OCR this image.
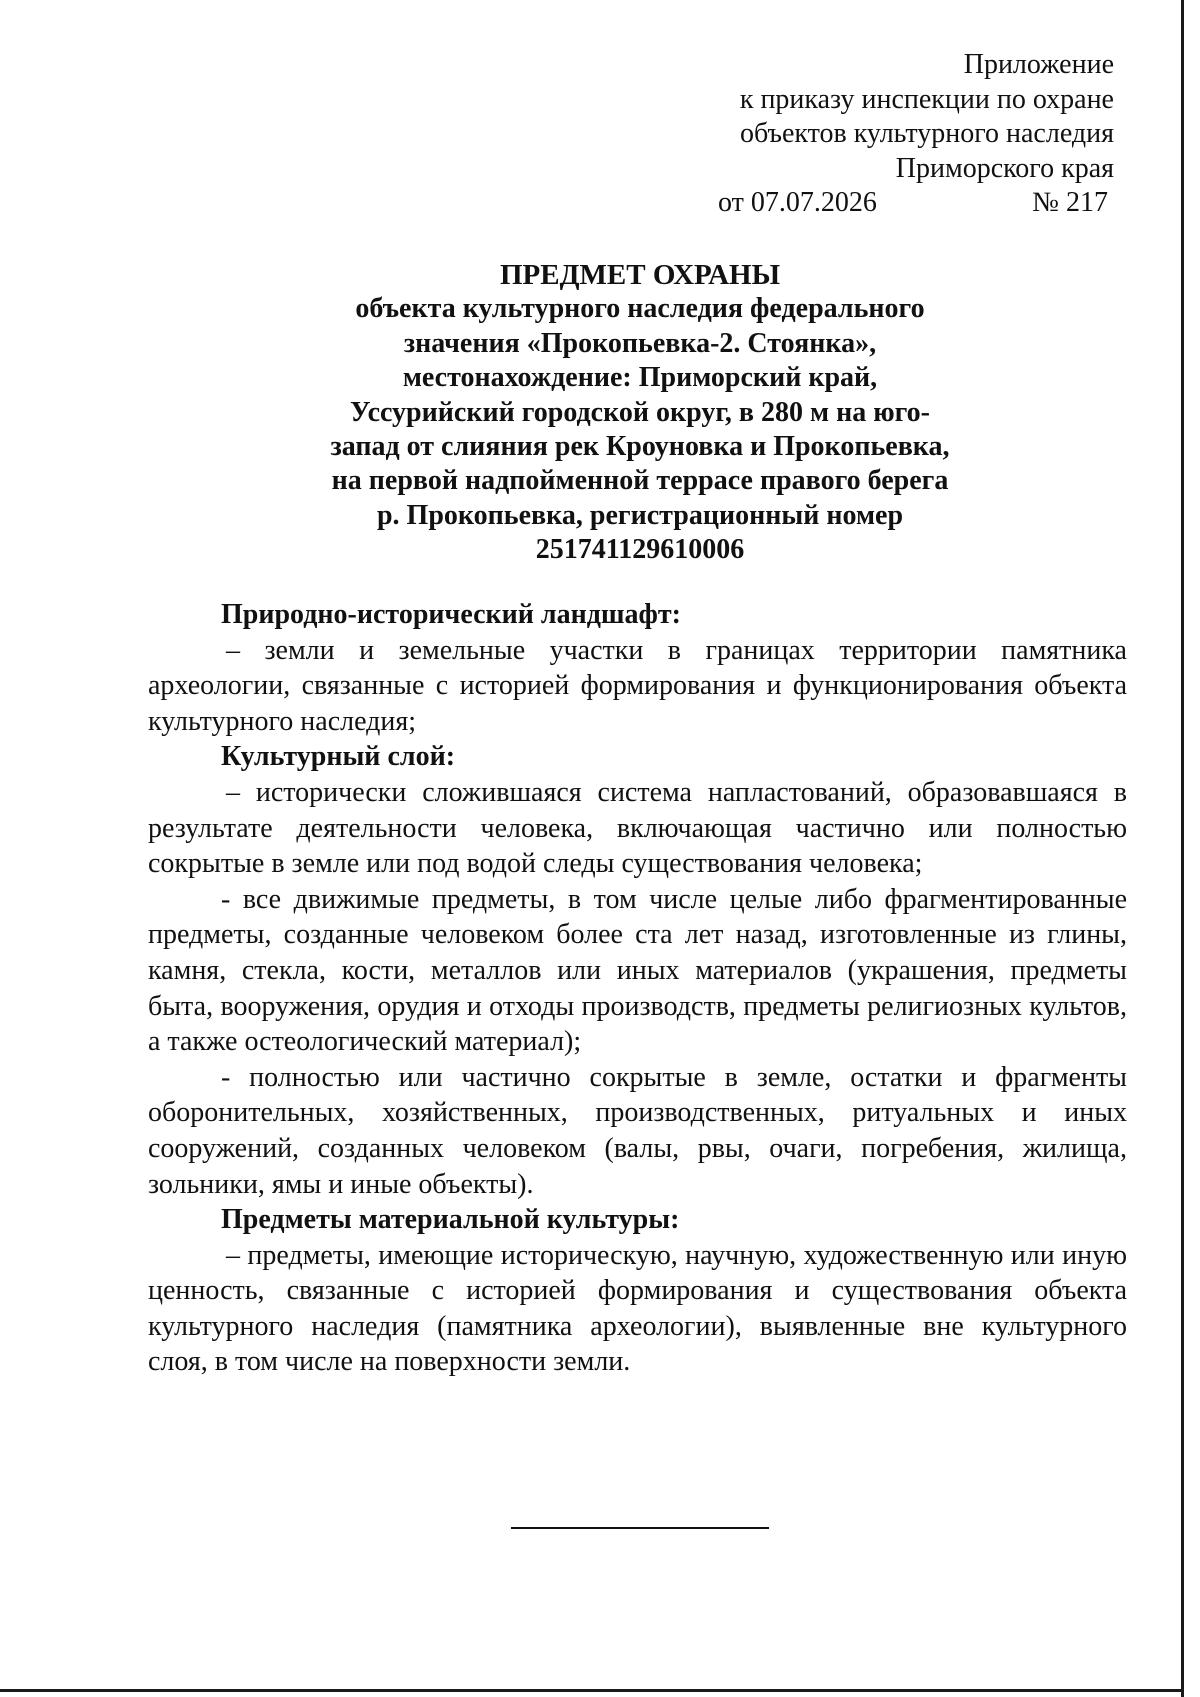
Приложение
к приказу инспекции по охране
объектов культурного наследия
Приморского края
от 07.07.2026	№ 217
ПРЕДМЕТ ОХРАНЫ
объекта культурного наследия федерального
значения «Прокопьевка-2. Стоянка»,
местонахождение: Приморский край,
Уссурийский городской округ, в 280 м на юго-
запад от слияния рек Кроуновка и Прокопьевка,
на первой надпойменной террасе правого берега
р. Прокопьевка, регистрационный номер
251741129610006
Природно-исторический ландшафт:

– земли и земельные участки в границах территории памятника археологии, связанные с историей формирования и функционирования объекта культурного наследия;

Культурный слой:

– исторически сложившаяся система напластований, образовавшаяся в результате деятельности человека, включающая частично или полностью сокрытые в земле или под водой следы существования человека;

- все движимые предметы, в том числе целые либо фрагментированные предметы, созданные человеком более ста лет назад, изготовленные из глины, камня, стекла, кости, металлов или иных материалов (украшения, предметы быта, вооружения, орудия и отходы производств, предметы религиозных культов, а также остеологический материал);

- полностью или частично сокрытые в земле, остатки и фрагменты оборонительных, хозяйственных, производственных, ритуальных и иных сооружений, созданных человеком (валы, рвы, очаги, погребения, жилища, зольники, ямы и иные объекты).

Предметы материальной культуры:

– предметы, имеющие историческую, научную, художественную или иную ценность, связанные с историей формирования и существования объекта культурного наследия (памятника археологии), выявленные вне культурного слоя, в том числе на поверхности земли.
